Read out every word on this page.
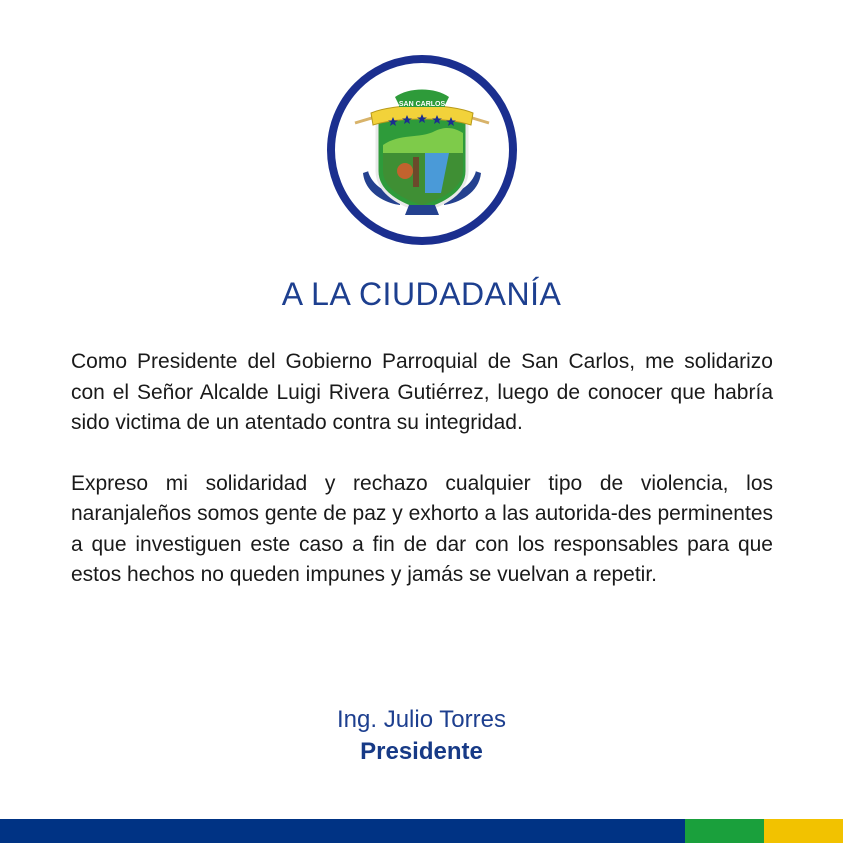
SAN CARLOS
A LA CIUDADANÍA

Como Presidente del Gobierno Parroquial de San Carlos, me solidarizo con el Señor Alcalde Luigi Rivera Gutiérrez, luego de conocer que habría sido victima de un atentado contra su integridad.

Expreso mi solidaridad y rechazo cualquier tipo de violencia, los naranjaleños somos gente de paz y exhorto a las autorida-des perminentes a que investiguen este caso a fin de dar con los responsables para que estos hechos no queden impunes y jamás se vuelvan a repetir.

Ing. Julio Torres
Presidente
